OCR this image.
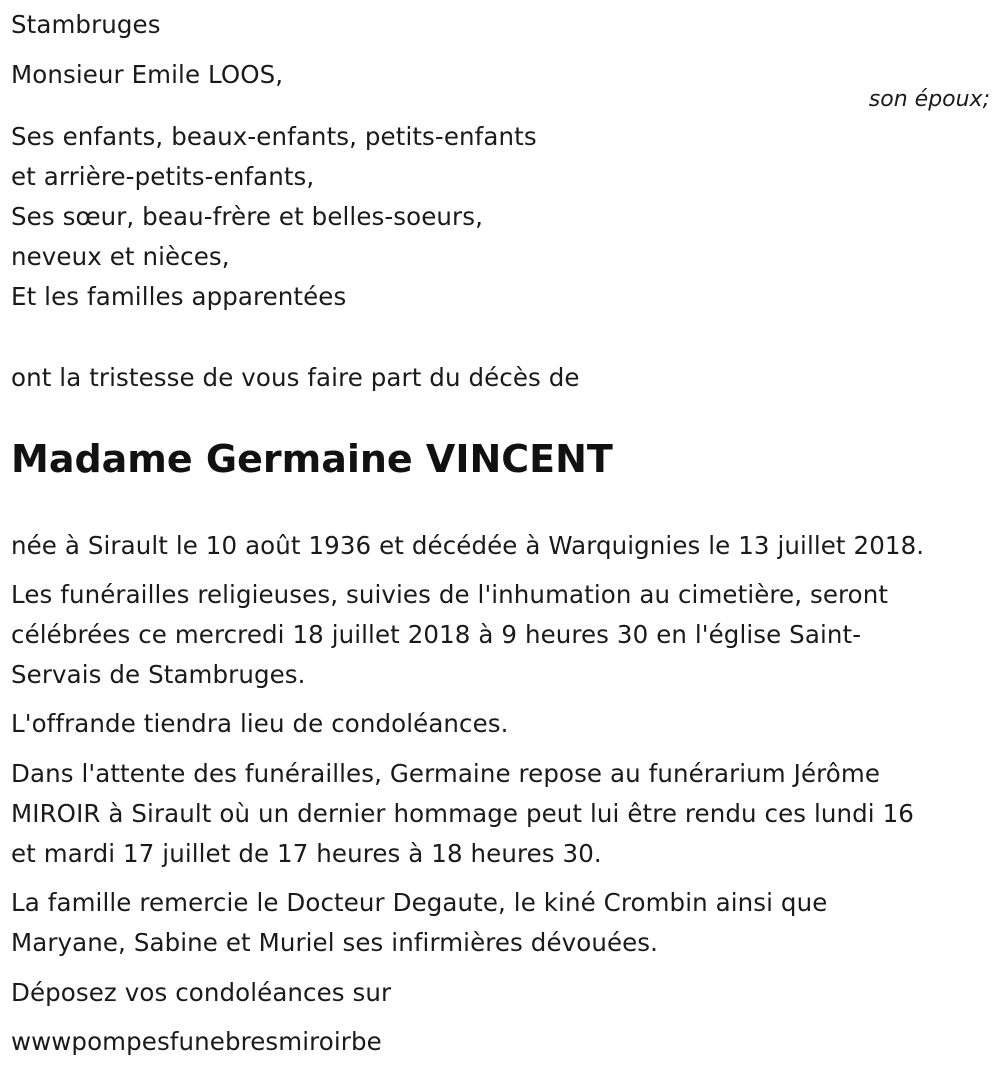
Stambruges
Monsieur Emile LOOS,
son époux;
Ses enfants, beaux-enfants, petits-enfants
et arrière-petits-enfants,
Ses sœur, beau-frère et belles-soeurs,
neveux et nièces,
Et les familles apparentées
ont la tristesse de vous faire part du décès de
Madame Germaine VINCENT
née à Sirault le 10 août 1936 et décédée à Warquignies le 13 juillet 2018.
Les funérailles religieuses, suivies de l'inhumation au cimetière, seront
célébrées ce mercredi 18 juillet 2018 à 9 heures 30 en l'église Saint-
Servais de Stambruges.
L'offrande tiendra lieu de condoléances.
Dans l'attente des funérailles, Germaine repose au funérarium Jérôme
MIROIR à Sirault où un dernier hommage peut lui être rendu ces lundi 16
et mardi 17 juillet de 17 heures à 18 heures 30.
La famille remercie le Docteur Degaute, le kiné Crombin ainsi que
Maryane, Sabine et Muriel ses infirmières dévouées.
Déposez vos condoléances sur
wwwpompesfunebresmiroirbe
